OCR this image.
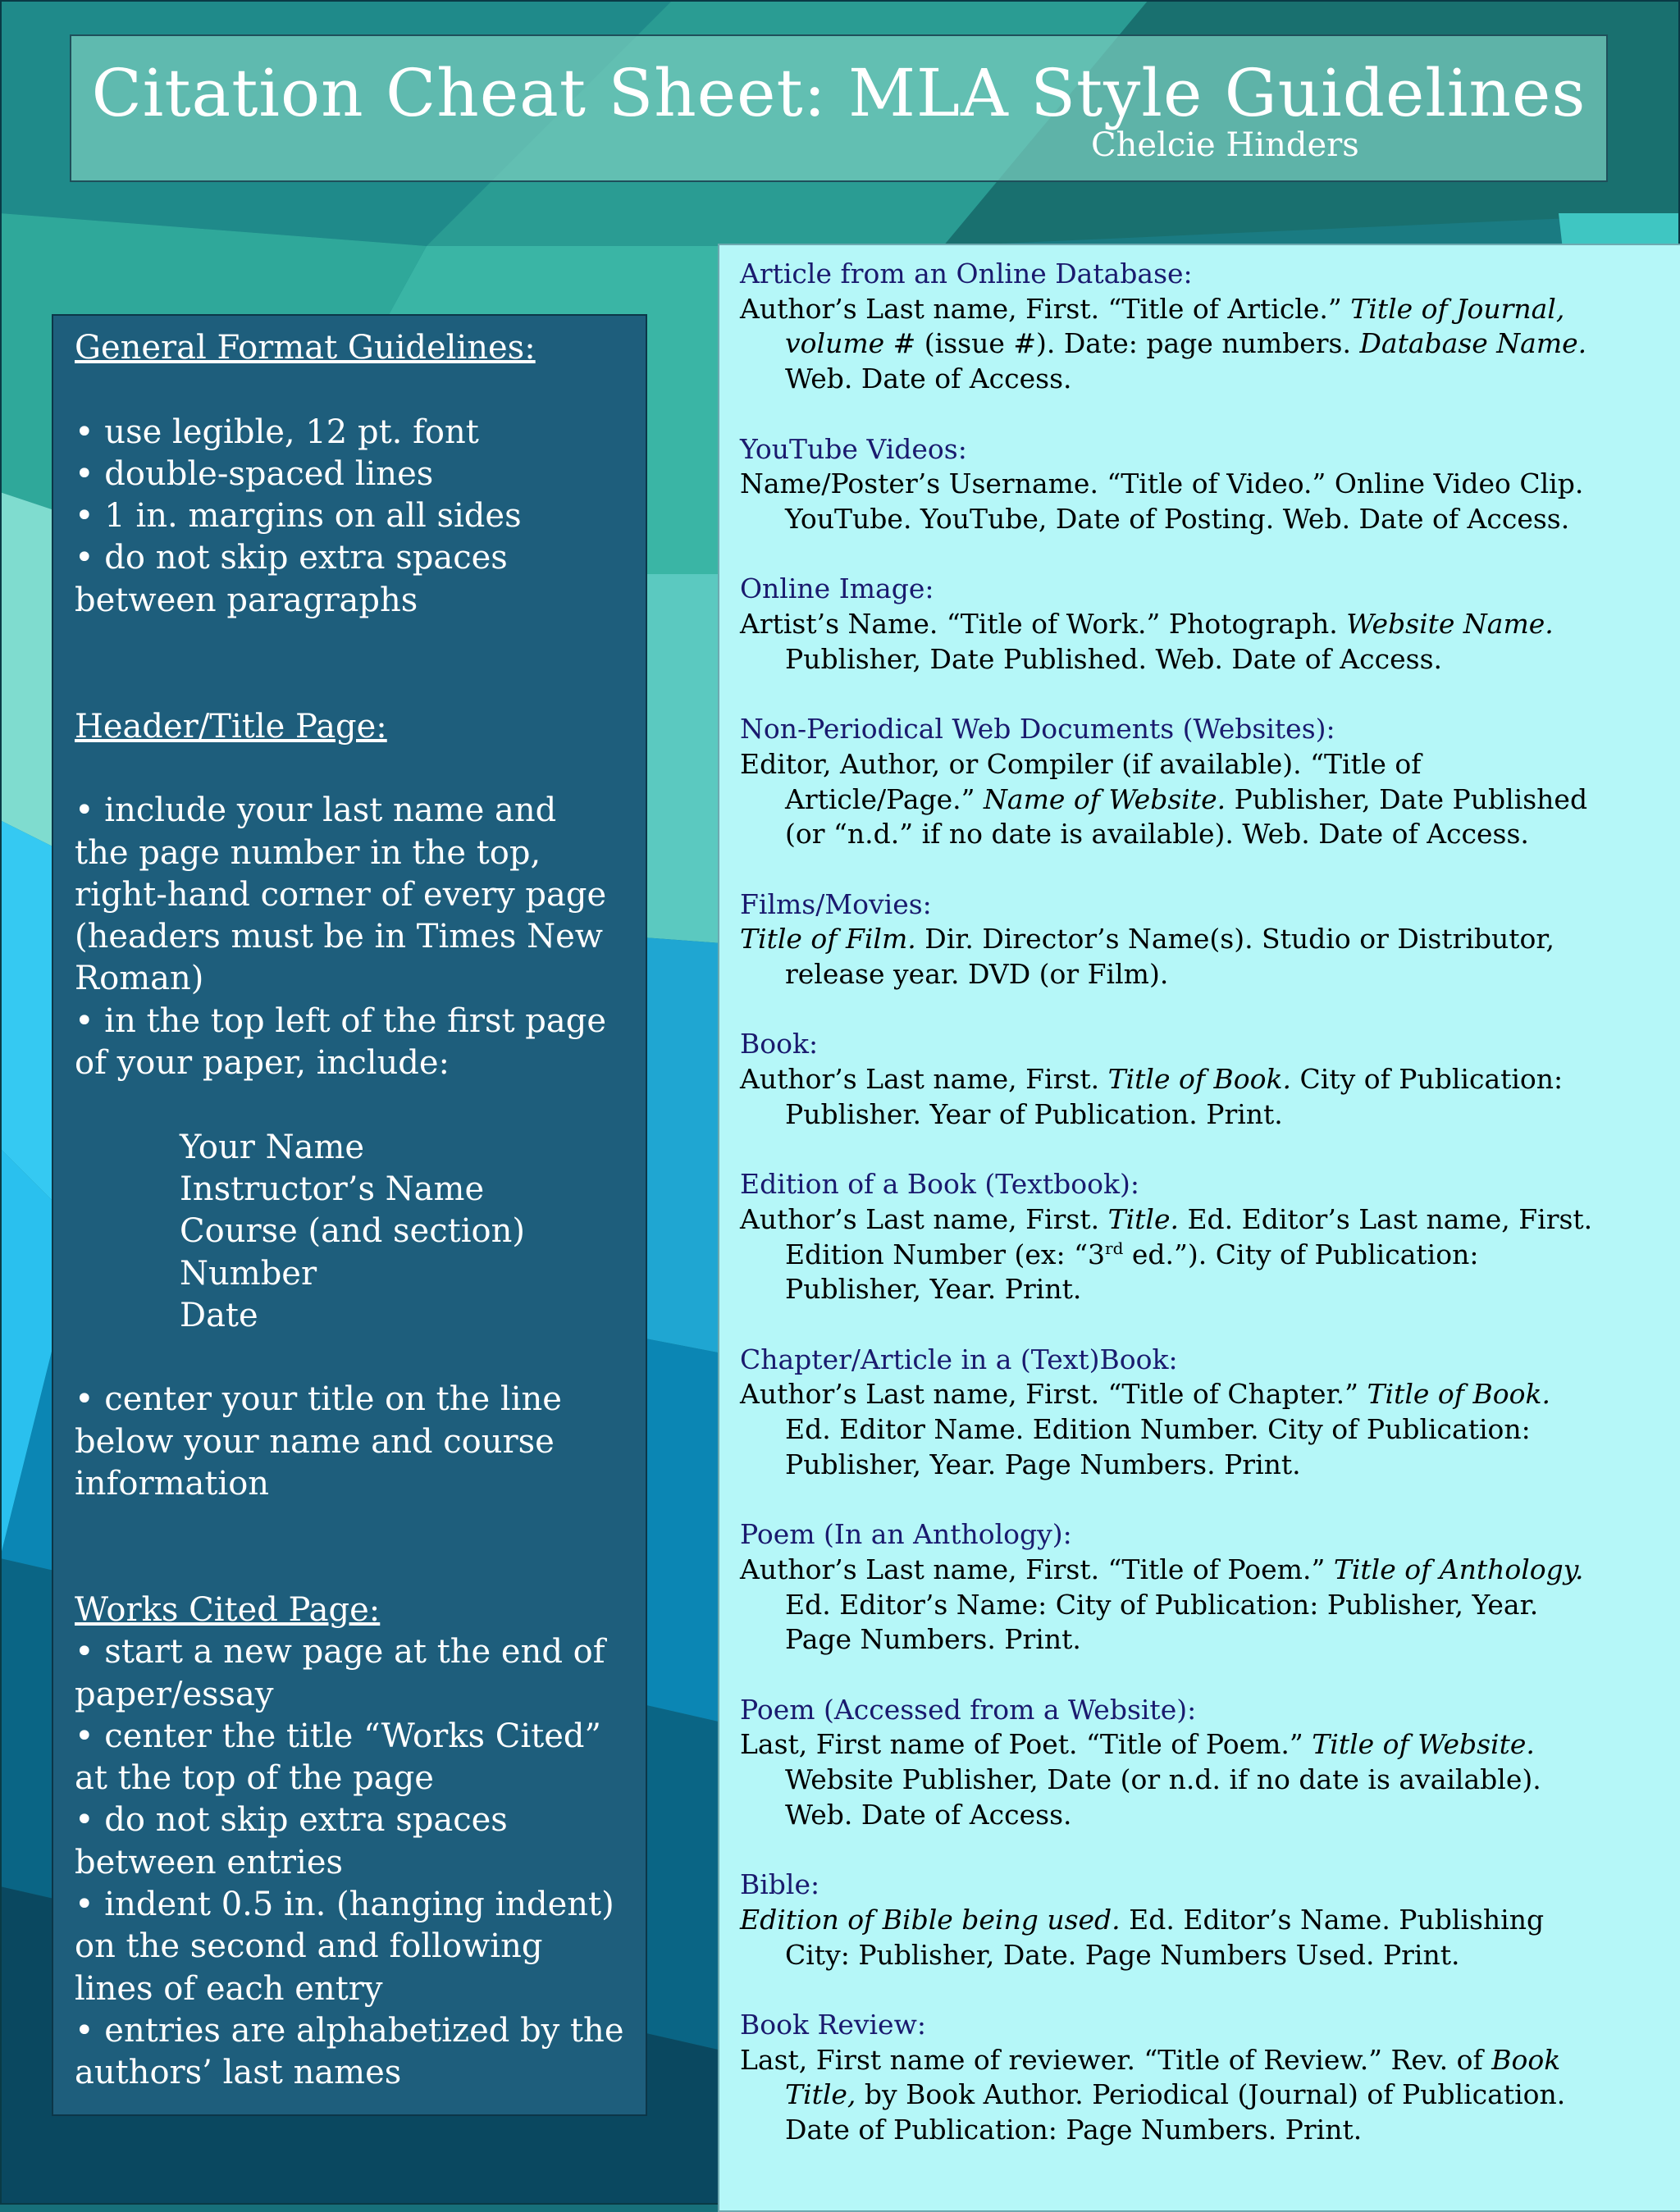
Citation Cheat Sheet: MLA Style Guidelines
Chelcie Hinders
General Format Guidelines:
• use legible, 12 pt. font
• double-spaced lines
• 1 in. margins on all sides
• do not skip extra spaces
between paragraphs
Header/Title Page:
• include your last name and
the page number in the top,
right-hand corner of every page
(headers must be in Times New
Roman)
• in the top left of the first page
of your paper, include:
Your Name
Instructor’s Name
Course (and section)
Number
Date
• center your title on the line
below your name and course
information
Works Cited Page:
• start a new page at the end of
paper/essay
• center the title “Works Cited”
at the top of the page
• do not skip extra spaces
between entries
• indent 0.5 in. (hanging indent)
on the second and following
lines of each entry
• entries are alphabetized by the
authors’ last names
Article from an Online Database:
Author’s Last name, First. “Title of Article.” Title of Journal,
volume # (issue #). Date: page numbers. Database Name.
Web. Date of Access.
YouTube Videos:
Name/Poster’s Username. “Title of Video.” Online Video Clip.
YouTube. YouTube, Date of Posting. Web. Date of Access.
Online Image:
Artist’s Name. “Title of Work.” Photograph. Website Name.
Publisher, Date Published. Web. Date of Access.
Non-Periodical Web Documents (Websites):
Editor, Author, or Compiler (if available). “Title of
Article/Page.” Name of Website. Publisher, Date Published
(or “n.d.” if no date is available). Web. Date of Access.
Films/Movies:
Title of Film. Dir. Director’s Name(s). Studio or Distributor,
release year. DVD (or Film).
Book:
Author’s Last name, First. Title of Book. City of Publication:
Publisher. Year of Publication. Print.
Edition of a Book (Textbook):
Author’s Last name, First. Title. Ed. Editor’s Last name, First.
Edition Number (ex: “3rd ed.”). City of Publication:
Publisher, Year. Print.
Chapter/Article in a (Text)Book:
Author’s Last name, First. “Title of Chapter.” Title of Book.
Ed. Editor Name. Edition Number. City of Publication:
Publisher, Year. Page Numbers. Print.
Poem (In an Anthology):
Author’s Last name, First. “Title of Poem.” Title of Anthology.
Ed. Editor’s Name: City of Publication: Publisher, Year.
Page Numbers. Print.
Poem (Accessed from a Website):
Last, First name of Poet. “Title of Poem.” Title of Website.
Website Publisher, Date (or n.d. if no date is available).
Web. Date of Access.
Bible:
Edition of Bible being used. Ed. Editor’s Name. Publishing
City: Publisher, Date. Page Numbers Used. Print.
Book Review:
Last, First name of reviewer. “Title of Review.” Rev. of Book
Title, by Book Author. Periodical (Journal) of Publication.
Date of Publication: Page Numbers. Print.
